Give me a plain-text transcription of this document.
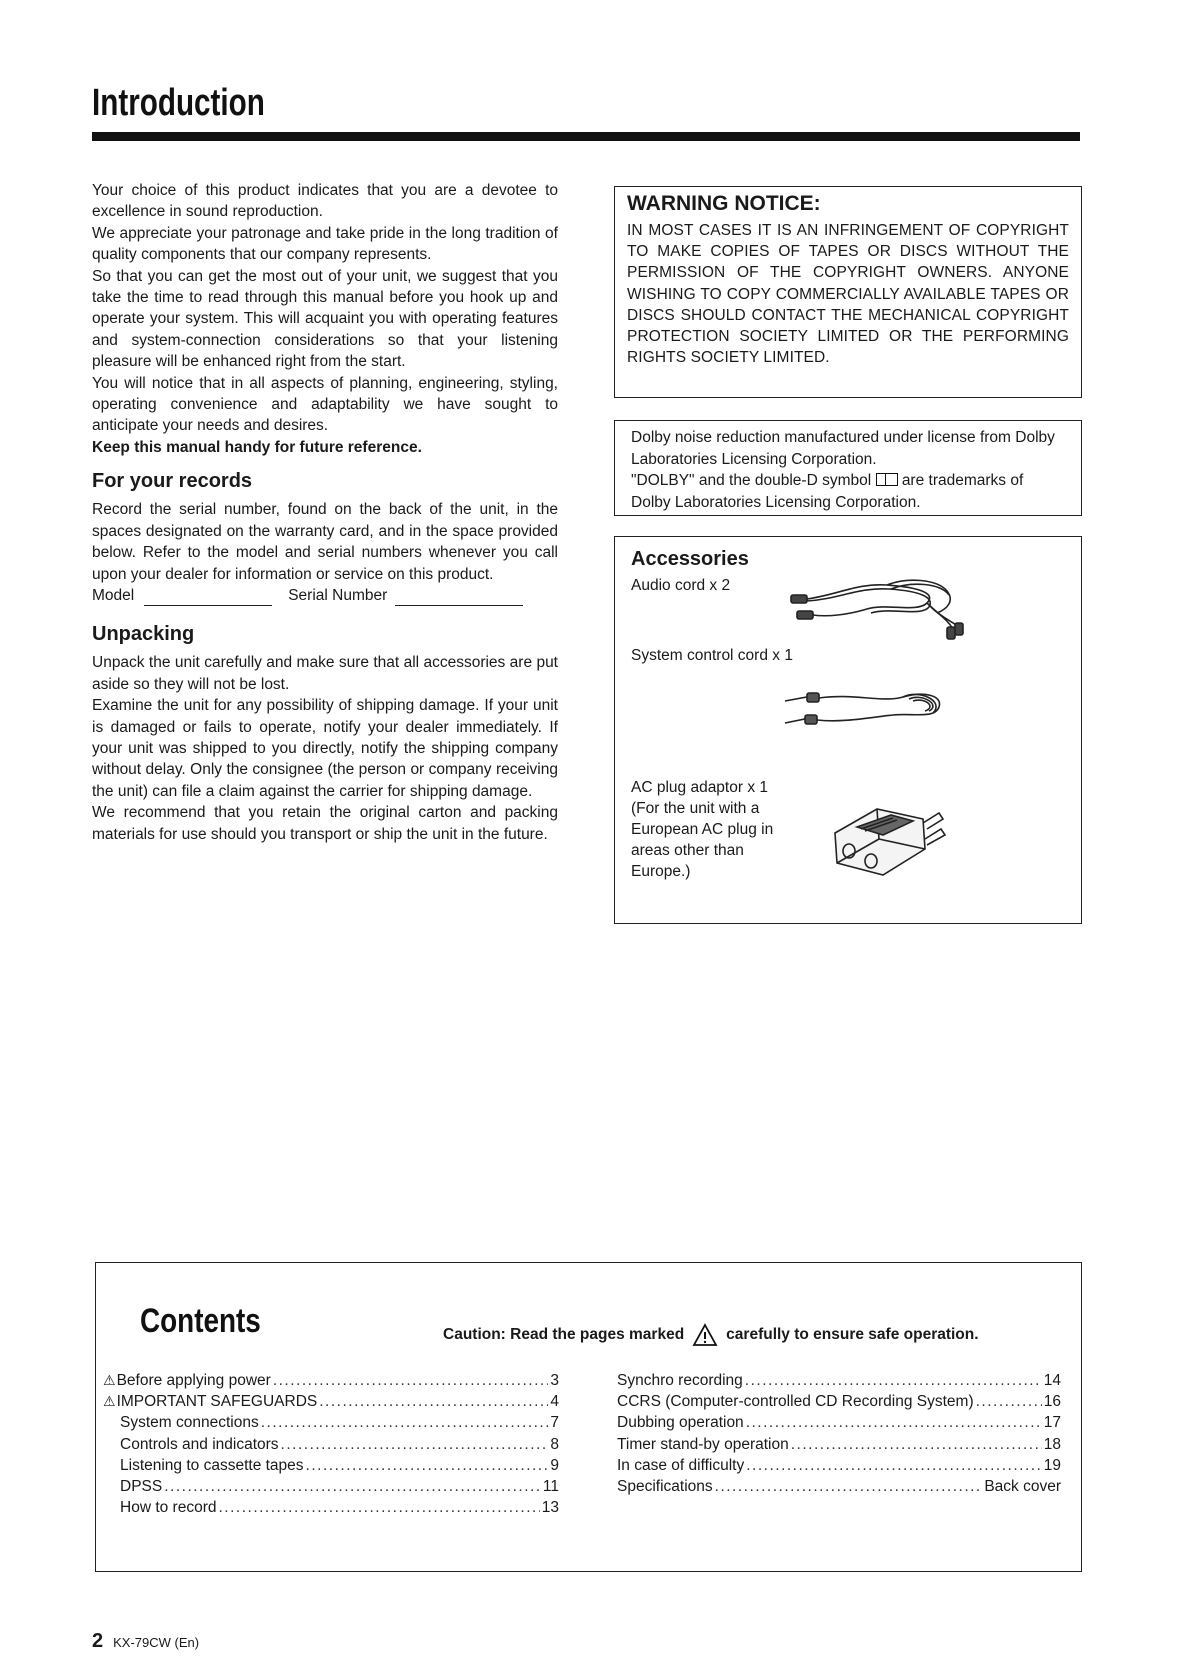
Introduction

Your choice of this product indicates that you are a devotee to excellence in sound reproduction.

We appreciate your patronage and take pride in the long tradition of quality components that our company represents.

So that you can get the most out of your unit, we suggest that you take the time to read through this manual before you hook up and operate your system. This will acquaint you with operating features and system-connection considerations so that your listening pleasure will be enhanced right from the start.

You will notice that in all aspects of planning, engineering, styling, operating convenience and adaptability we have sought to anticipate your needs and desires.

Keep this manual handy for future reference.

For your records

Record the serial number, found on the back of the unit, in the spaces designated on the warranty card, and in the space provided below. Refer to the model and serial numbers whenever you call upon your dealer for information or service on this product.

Model	Serial Number
Unpacking

Unpack the unit carefully and make sure that all accessories are put aside so they will not be lost.

Examine the unit for any possibility of shipping damage. If your unit is damaged or fails to operate, notify your dealer immediately. If your unit was shipped to you directly, notify the shipping company without delay. Only the consignee (the person or company receiving the unit) can file a claim against the carrier for shipping damage.

We recommend that you retain the original carton and packing materials for use should you transport or ship the unit in the future.

WARNING NOTICE:

IN MOST CASES IT IS AN INFRINGEMENT OF COPYRIGHT TO MAKE COPIES OF TAPES OR DISCS WITHOUT THE PERMISSION OF THE COPYRIGHT OWNERS. ANYONE WISHING TO COPY COMMERCIALLY AVAILABLE TAPES OR DISCS SHOULD CONTACT THE MECHANICAL COPYRIGHT PROTECTION SOCIETY LIMITED OR THE PERFORMING RIGHTS SOCIETY LIMITED.

Dolby noise reduction manufactured under license from Dolby Laboratories Licensing Corporation.

"DOLBY" and the double-D symbol are trademarks of Dolby Laboratories Licensing Corporation.

Accessories
Audio cord x 2
System control cord x 1
AC plug adaptor x 1
(For the unit with a European AC plug in areas other than Europe.)
Contents	Caution: Read the pages marked	carefully to ensure safe operation.
⚠Before applying power .....	3
⚠IMPORTANT SAFEGUARDS .....	4
System connections .....	7
Controls and indicators .....	8
Listening to cassette tapes .....	9
DPSS .....	11
How to record .....	13
Synchro recording .....	14
CCRS (Computer-controlled CD Recording System) .....	16
Dubbing operation .....	17
Timer stand-by operation .....	18
In case of difficulty .....	19
Specifications .....	Back cover
2 KX-79CW (En)
